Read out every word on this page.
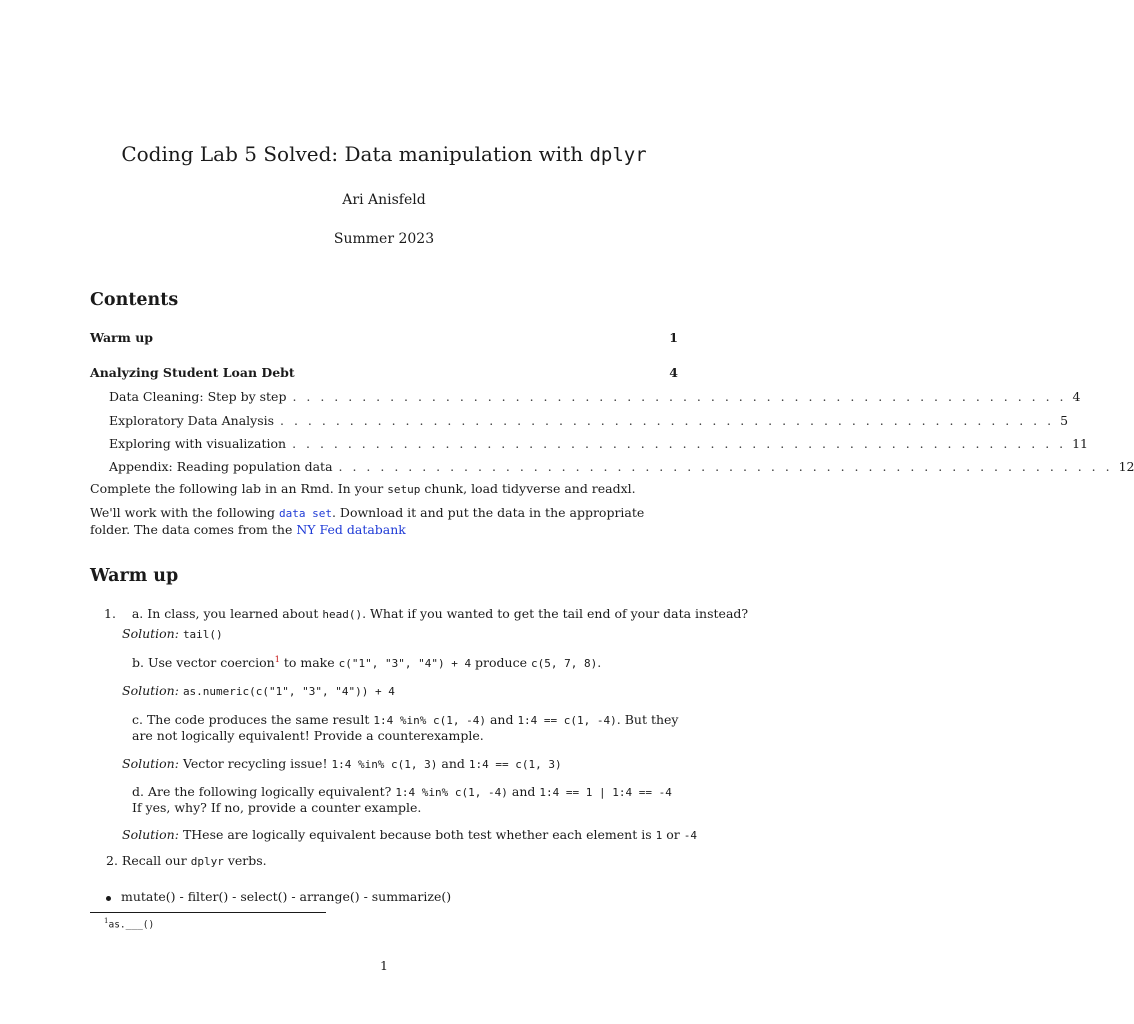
Coding Lab 5 Solved: Data manipulation with dplyr
Ari Anisfeld
Summer 2023
Contents
Warm up	1
Analyzing Student Loan Debt	4
Data Cleaning: Step by step . . . . . . . . . . . . . . . . . . . . . . . . . . . . . . . . . . . . . . . . . . . . . . . . . . . . . . . . 4
Exploratory Data Analysis . . . . . . . . . . . . . . . . . . . . . . . . . . . . . . . . . . . . . . . . . . . . . . . . . . . . . . . . 5
Exploring with visualization . . . . . . . . . . . . . . . . . . . . . . . . . . . . . . . . . . . . . . . . . . . . . . . . . . . . . . . . 11
Appendix: Reading population data . . . . . . . . . . . . . . . . . . . . . . . . . . . . . . . . . . . . . . . . . . . . . . . . . . . . . . . . 12
Complete the following lab in an Rmd. In your setup chunk, load tidyverse and readxl.
We'll work with the following data set. Download it and put the data in the appropriate folder. The data comes from the NY Fed databank
Warm up
1. a. In class, you learned about head(). What if you wanted to get the tail end of your data instead?
Solution: tail()
b. Use vector coercion$^1$ to make c("1", "3", "4") + 4 produce c(5, 7, 8).
Solution: as.numeric(c("1", "3", "4")) + 4
c. The code produces the same result 1:4 %in% c(1, -4) and 1:4 == c(1, -4). But they are not logically equivalent! Provide a counterexample.
Solution: Vector recycling issue! 1:4 %in% c(1, 3) and 1:4 == c(1, 3)
d. Are the following logically equivalent? 1:4 %in% c(1, -4) and 1:4 == 1 | 1:4 == -4 If yes, why? If no, provide a counter example.
Solution: THese are logically equivalent because both test whether each element is 1 or -4
2. Recall our dplyr verbs.
mutate() - filter() - select() - arrange() - summarize()
$^1$as.___()
1
